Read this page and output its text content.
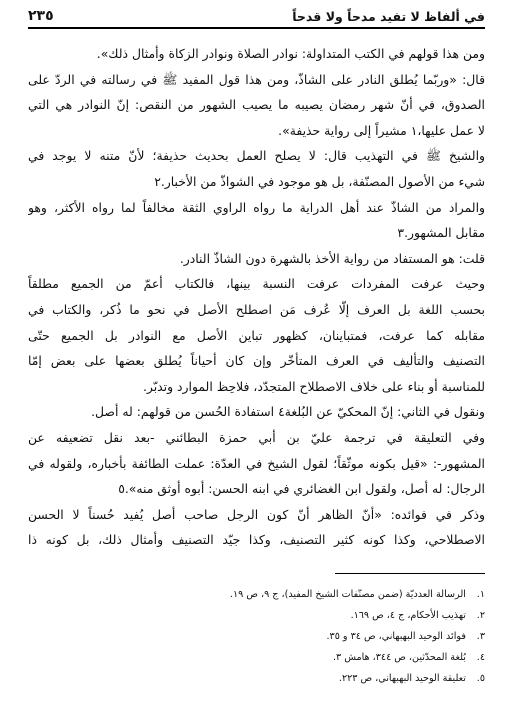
في ألفاظ لا تفيد مدحاً ولا قدحاً
٢٣٥
ومن هذا قولهم في الكتب المتداولة: نوادر الصلاة ونوادر الزكاة وأمثال ذلك».
قال: «وربّما يُطلق النادر على الشاذّ، ومن هذا قول المفيد ﷺ في رسالته في الردّ على
الصدوق، في أنّ شهر رمضان يصيبه ما يصيب الشهور من النقص: إنّ النوادر هي التي
لا عمل عليها،١ مشيراً إلى رواية حذيفة».
والشيخ ﷺ في التهذيب قال: لا يصلح العمل بحديث حذيفة؛ لأنّ متنه لا يوجد في
شيء من الأصول المصنّفة، بل هو موجود في الشواذّ من الأخبار.٢
والمراد من الشاذّ عند أهل الدراية ما رواه الراوي الثقة مخالفاً لما رواه الأكثر، وهو
مقابل المشهور.٣
قلت: هو المستفاد من رواية الأخذ بالشهرة دون الشاذّ النادر.
وحيث عرفت المفردات عرفت النسبة بينها، فالكتاب أعمّ من الجميع مطلقاً
بحسب اللغة بل العرف إلّا عُرف مَن اصطلح الأصل في نحو ما ذُكر، والكتاب في
مقابله كما عرفت، فمتباينان، كظهور تباين الأصل مع النوادر بل الجميع حتّى
التصنيف والتأليف في العرف المتأخّر وإن كان أحياناً يُطلق بعضها على بعض إمّا
للمناسبة أو بناء على خلاف الاصطلاح المتجدّد، فلاحِظ الموارد وتدبّر.
ونقول في الثاني: إنّ المحكيّ عن البُلغة٤ استفادة الحُسن من قولهم: له أصل.
وفي التعليقة في ترجمة عليّ بن أبي حمزة البطائني -بعد نقل تضعيفه عن
المشهور-: «قيل بكونه موثّقاً؛ لقول الشيخ في العدّة: عملت الطائفة بأخباره، ولقوله في
الرجال: له أصل، ولقول ابن الغضائري في ابنه الحسن: أبوه أوثق منه».٥
وذكر في فوائده: «أنّ الظاهر أنّ كون الرجل صاحب أصل يُفيد حُسناً لا الحسن
الاصطلاحي، وكذا كونه كثير التصنيف، وكذا جيّد التصنيف وأمثال ذلك، بل كونه ذا
١. الرسالة العدديّة (ضمن مصنّفات الشيخ المفيد)، ج ٩، ص ١٩.
٢. تهذيب الأحكام، ج ٤، ص ١٦٩.
٣. فوائد الوحيد البهبهاني، ص ٣٤ و ٣٥.
٤. بُلغة المحدّثين، ص ٣٤٤، هامش ٣.
٥. تعليقة الوحيد البهبهاني، ص ٢٢٣.
